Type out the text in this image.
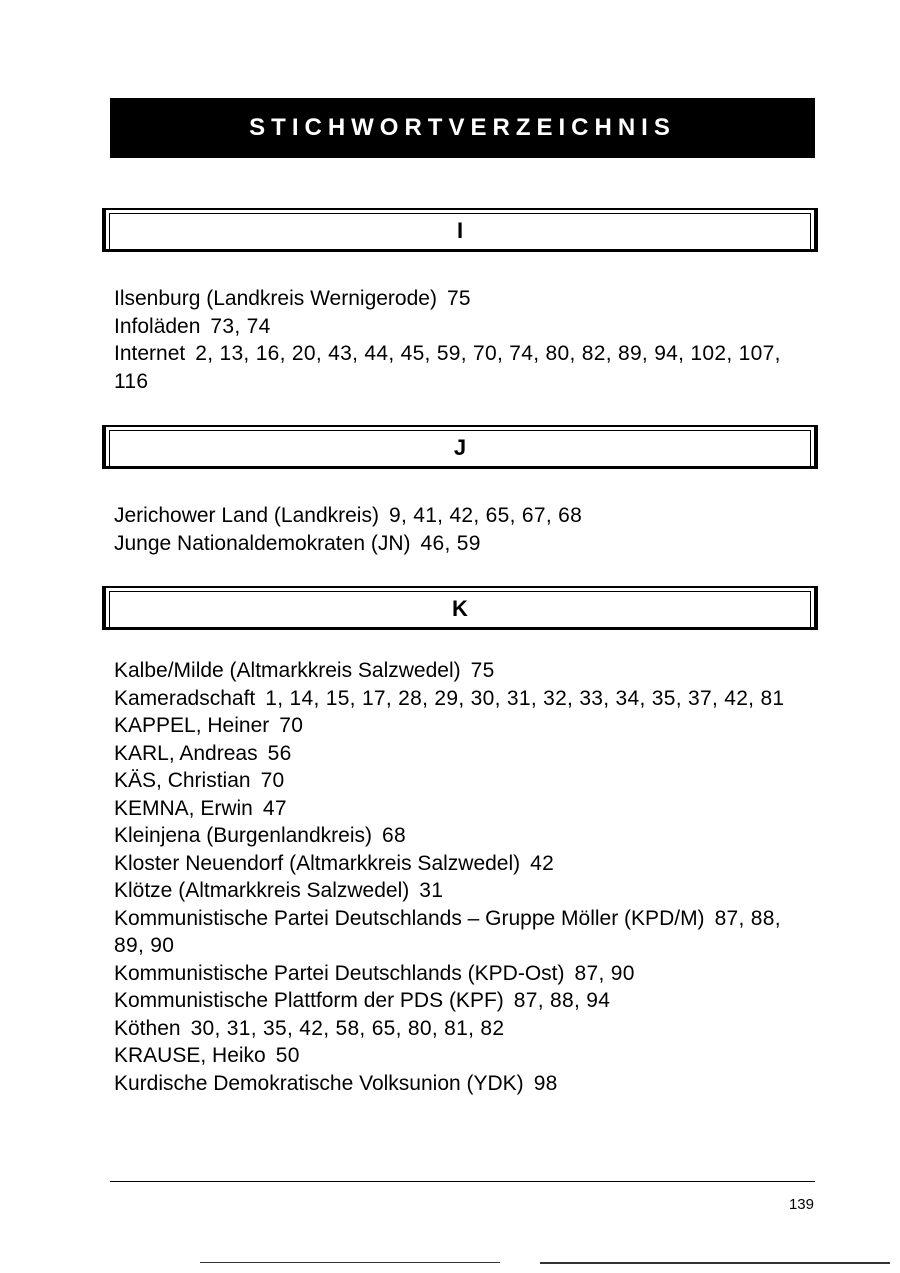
STICHWORTVERZEICHNIS
I
Ilsenburg (Landkreis Wernigerode) 75
Infoläden 73, 74
Internet 2, 13, 16, 20, 43, 44, 45, 59, 70, 74, 80, 82, 89, 94, 102, 107, 116
J
Jerichower Land (Landkreis) 9, 41, 42, 65, 67, 68
Junge Nationaldemokraten (JN) 46, 59
K
Kalbe/Milde (Altmarkkreis Salzwedel) 75
Kameradschaft 1, 14, 15, 17, 28, 29, 30, 31, 32, 33, 34, 35, 37, 42, 81
KAPPEL, Heiner 70
KARL, Andreas 56
KÄS, Christian 70
KEMNA, Erwin 47
Kleinjena (Burgenlandkreis) 68
Kloster Neuendorf (Altmarkkreis Salzwedel) 42
Klötze (Altmarkkreis Salzwedel) 31
Kommunistische Partei Deutschlands – Gruppe Möller (KPD/M) 87, 88, 89, 90
Kommunistische Partei Deutschlands (KPD-Ost) 87, 90
Kommunistische Plattform der PDS (KPF) 87, 88, 94
Köthen 30, 31, 35, 42, 58, 65, 80, 81, 82
KRAUSE, Heiko 50
Kurdische Demokratische Volksunion (YDK) 98
139
